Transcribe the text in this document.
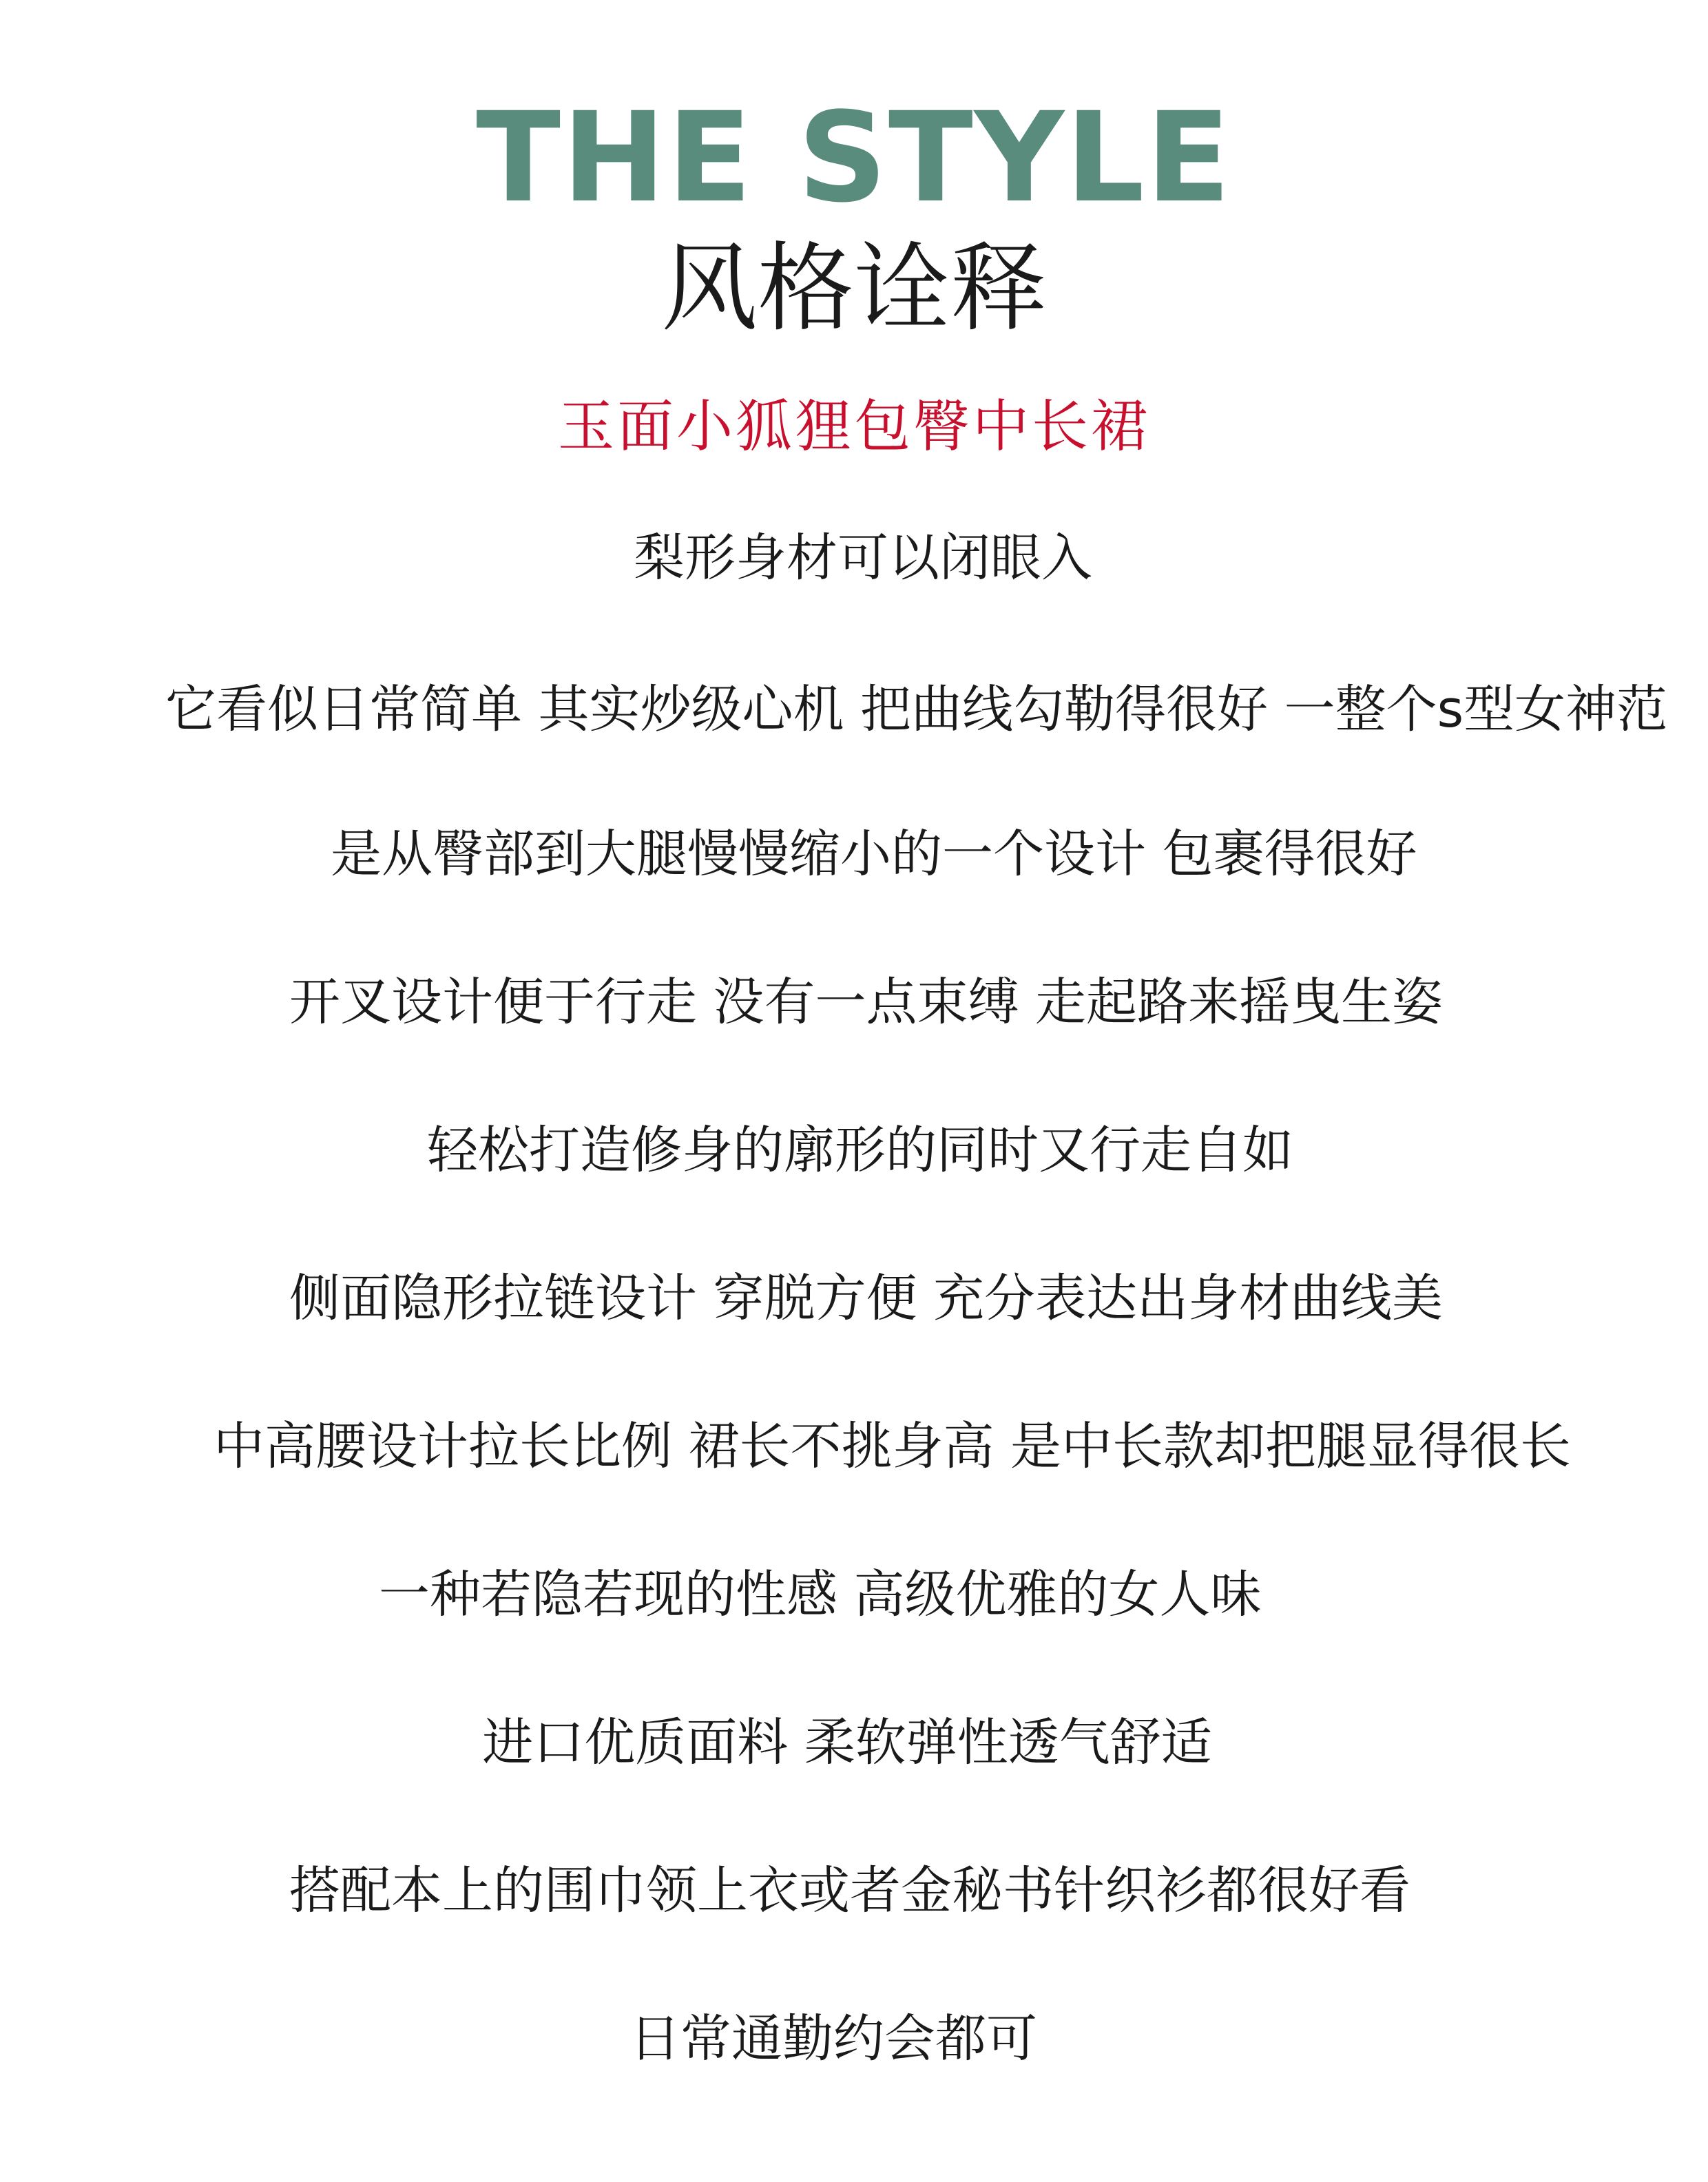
THE STYLE
风格诠释
玉面小狐狸包臀中长裙
梨形身材可以闭眼入
它看似日常简单 其实炒级心机 把曲线勾勒得很好 一整个s型女神范
是从臀部到大腿慢慢缩小的一个设计 包裹得很好
开叉设计便于行走 没有一点束缚 走起路来摇曳生姿
轻松打造修身的廓形的同时又行走自如
侧面隐形拉链设计 穿脱方便 充分表达出身材曲线美
中高腰设计拉长比例 裙长不挑身高 是中长款却把腿显得很长
一种若隐若现的性感 高级优雅的女人味
进口优质面料 柔软弹性透气舒适
搭配本上的围巾领上衣或者金秘书针织衫都很好看
日常通勤约会都可
